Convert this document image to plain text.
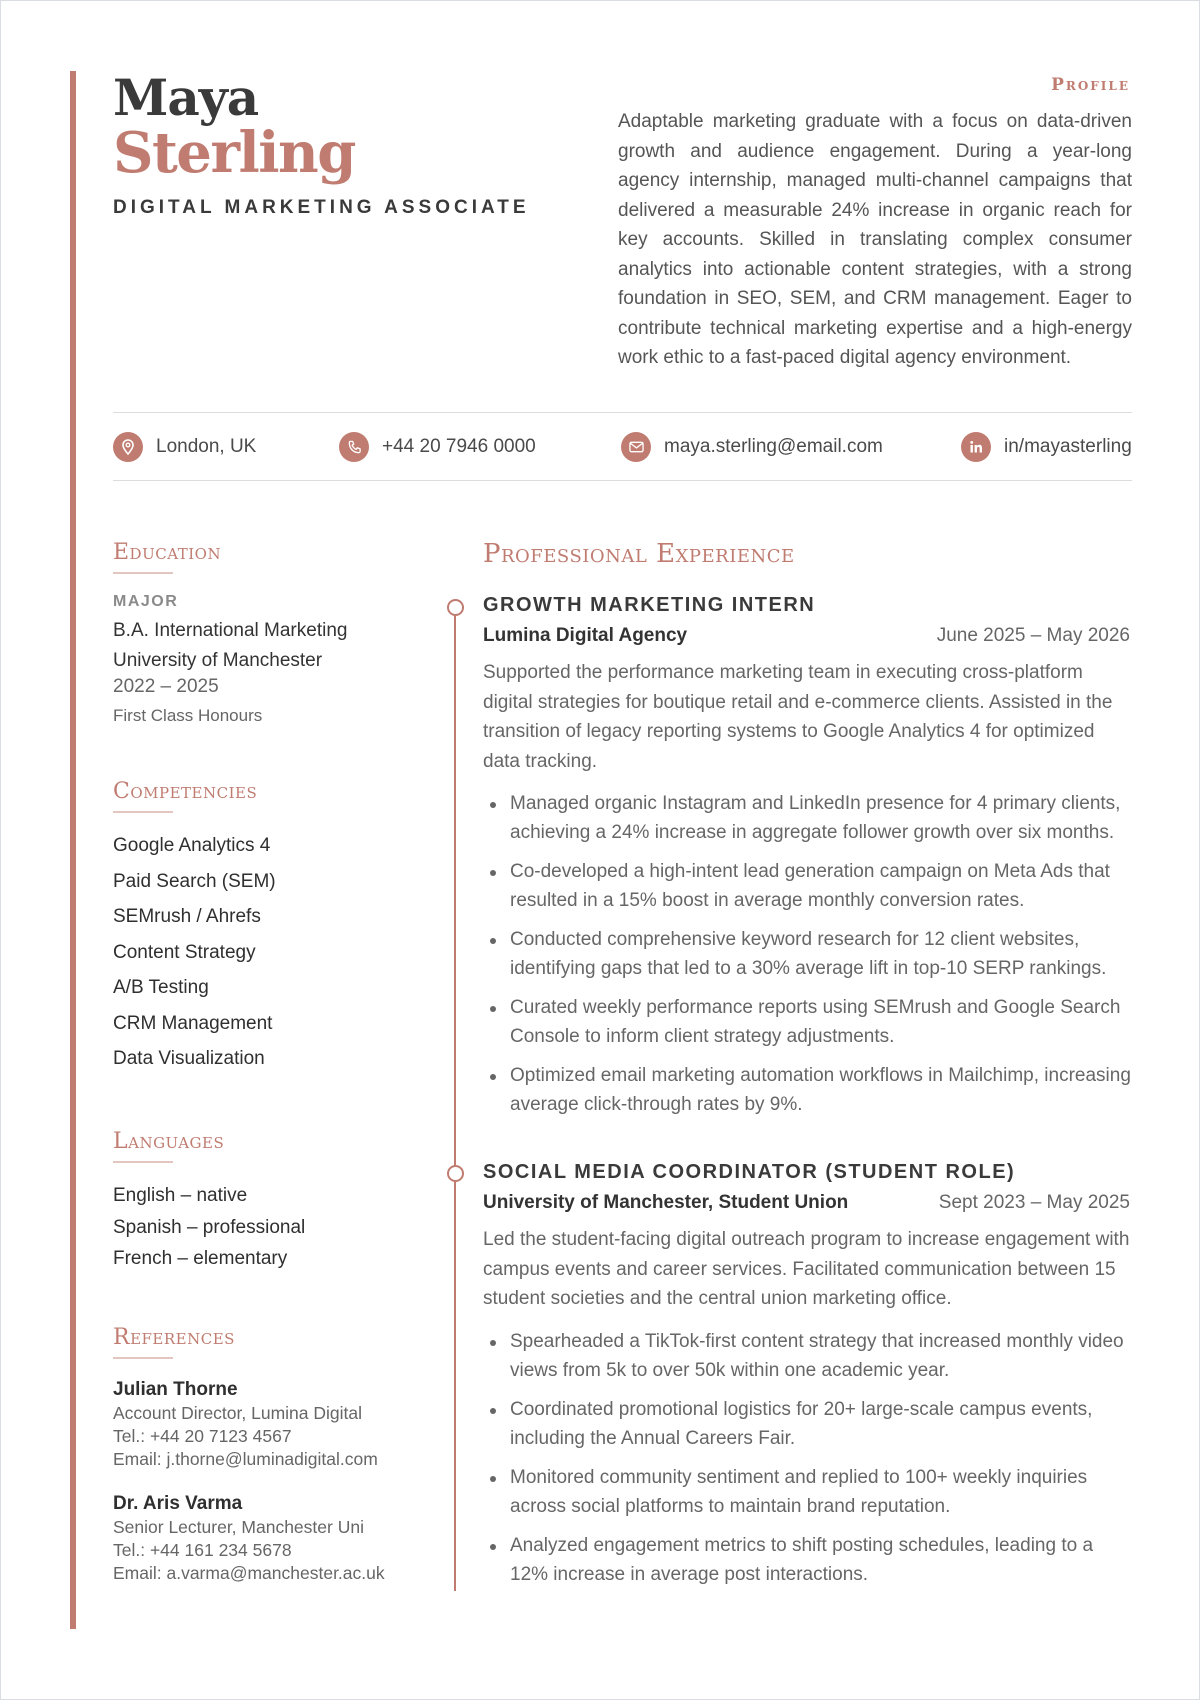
Maya
Sterling
DIGITAL MARKETING ASSOCIATE
Profile
Adaptable marketing graduate with a focus on data-driven growth and audience engagement. During a year-long agency internship, managed multi-channel campaigns that delivered a measurable 24% increase in organic reach for key accounts. Skilled in translating complex consumer analytics into actionable content strategies, with a strong foundation in SEO, SEM, and CRM management. Eager to contribute technical marketing expertise and a high-energy work ethic to a fast-paced digital agency environment.
London, UK	+44 20 7946 0000	maya.sterling@email.com	in/mayasterling
Education
MAJOR
B.A. International Marketing
University of Manchester
2022 – 2025
First Class Honours
Competencies
Google Analytics 4
Paid Search (SEM)
SEMrush / Ahrefs
Content Strategy
A/B Testing
CRM Management
Data Visualization
Languages
English – native
Spanish – professional
French – elementary
References
Julian Thorne
Account Director, Lumina Digital
Tel.: +44 20 7123 4567
Email: j.thorne@luminadigital.com
Dr. Aris Varma
Senior Lecturer, Manchester Uni
Tel.: +44 161 234 5678
Email: a.varma@manchester.ac.uk
Professional Experience
GROWTH MARKETING INTERN
Lumina Digital Agency	June 2025 – May 2026
Supported the performance marketing team in executing cross-platform digital strategies for boutique retail and e-commerce clients. Assisted in the transition of legacy reporting systems to Google Analytics 4 for optimized data tracking.
Managed organic Instagram and LinkedIn presence for 4 primary clients, achieving a 24% increase in aggregate follower growth over six months.
Co-developed a high-intent lead generation campaign on Meta Ads that resulted in a 15% boost in average monthly conversion rates.
Conducted comprehensive keyword research for 12 client websites, identifying gaps that led to a 30% average lift in top-10 SERP rankings.
Curated weekly performance reports using SEMrush and Google Search Console to inform client strategy adjustments.
Optimized email marketing automation workflows in Mailchimp, increasing average click-through rates by 9%.
SOCIAL MEDIA COORDINATOR (STUDENT ROLE)
University of Manchester, Student Union	Sept 2023 – May 2025
Led the student-facing digital outreach program to increase engagement with campus events and career services. Facilitated communication between 15 student societies and the central union marketing office.
Spearheaded a TikTok-first content strategy that increased monthly video views from 5k to over 50k within one academic year.
Coordinated promotional logistics for 20+ large-scale campus events, including the Annual Careers Fair.
Monitored community sentiment and replied to 100+ weekly inquiries across social platforms to maintain brand reputation.
Analyzed engagement metrics to shift posting schedules, leading to a 12% increase in average post interactions.
